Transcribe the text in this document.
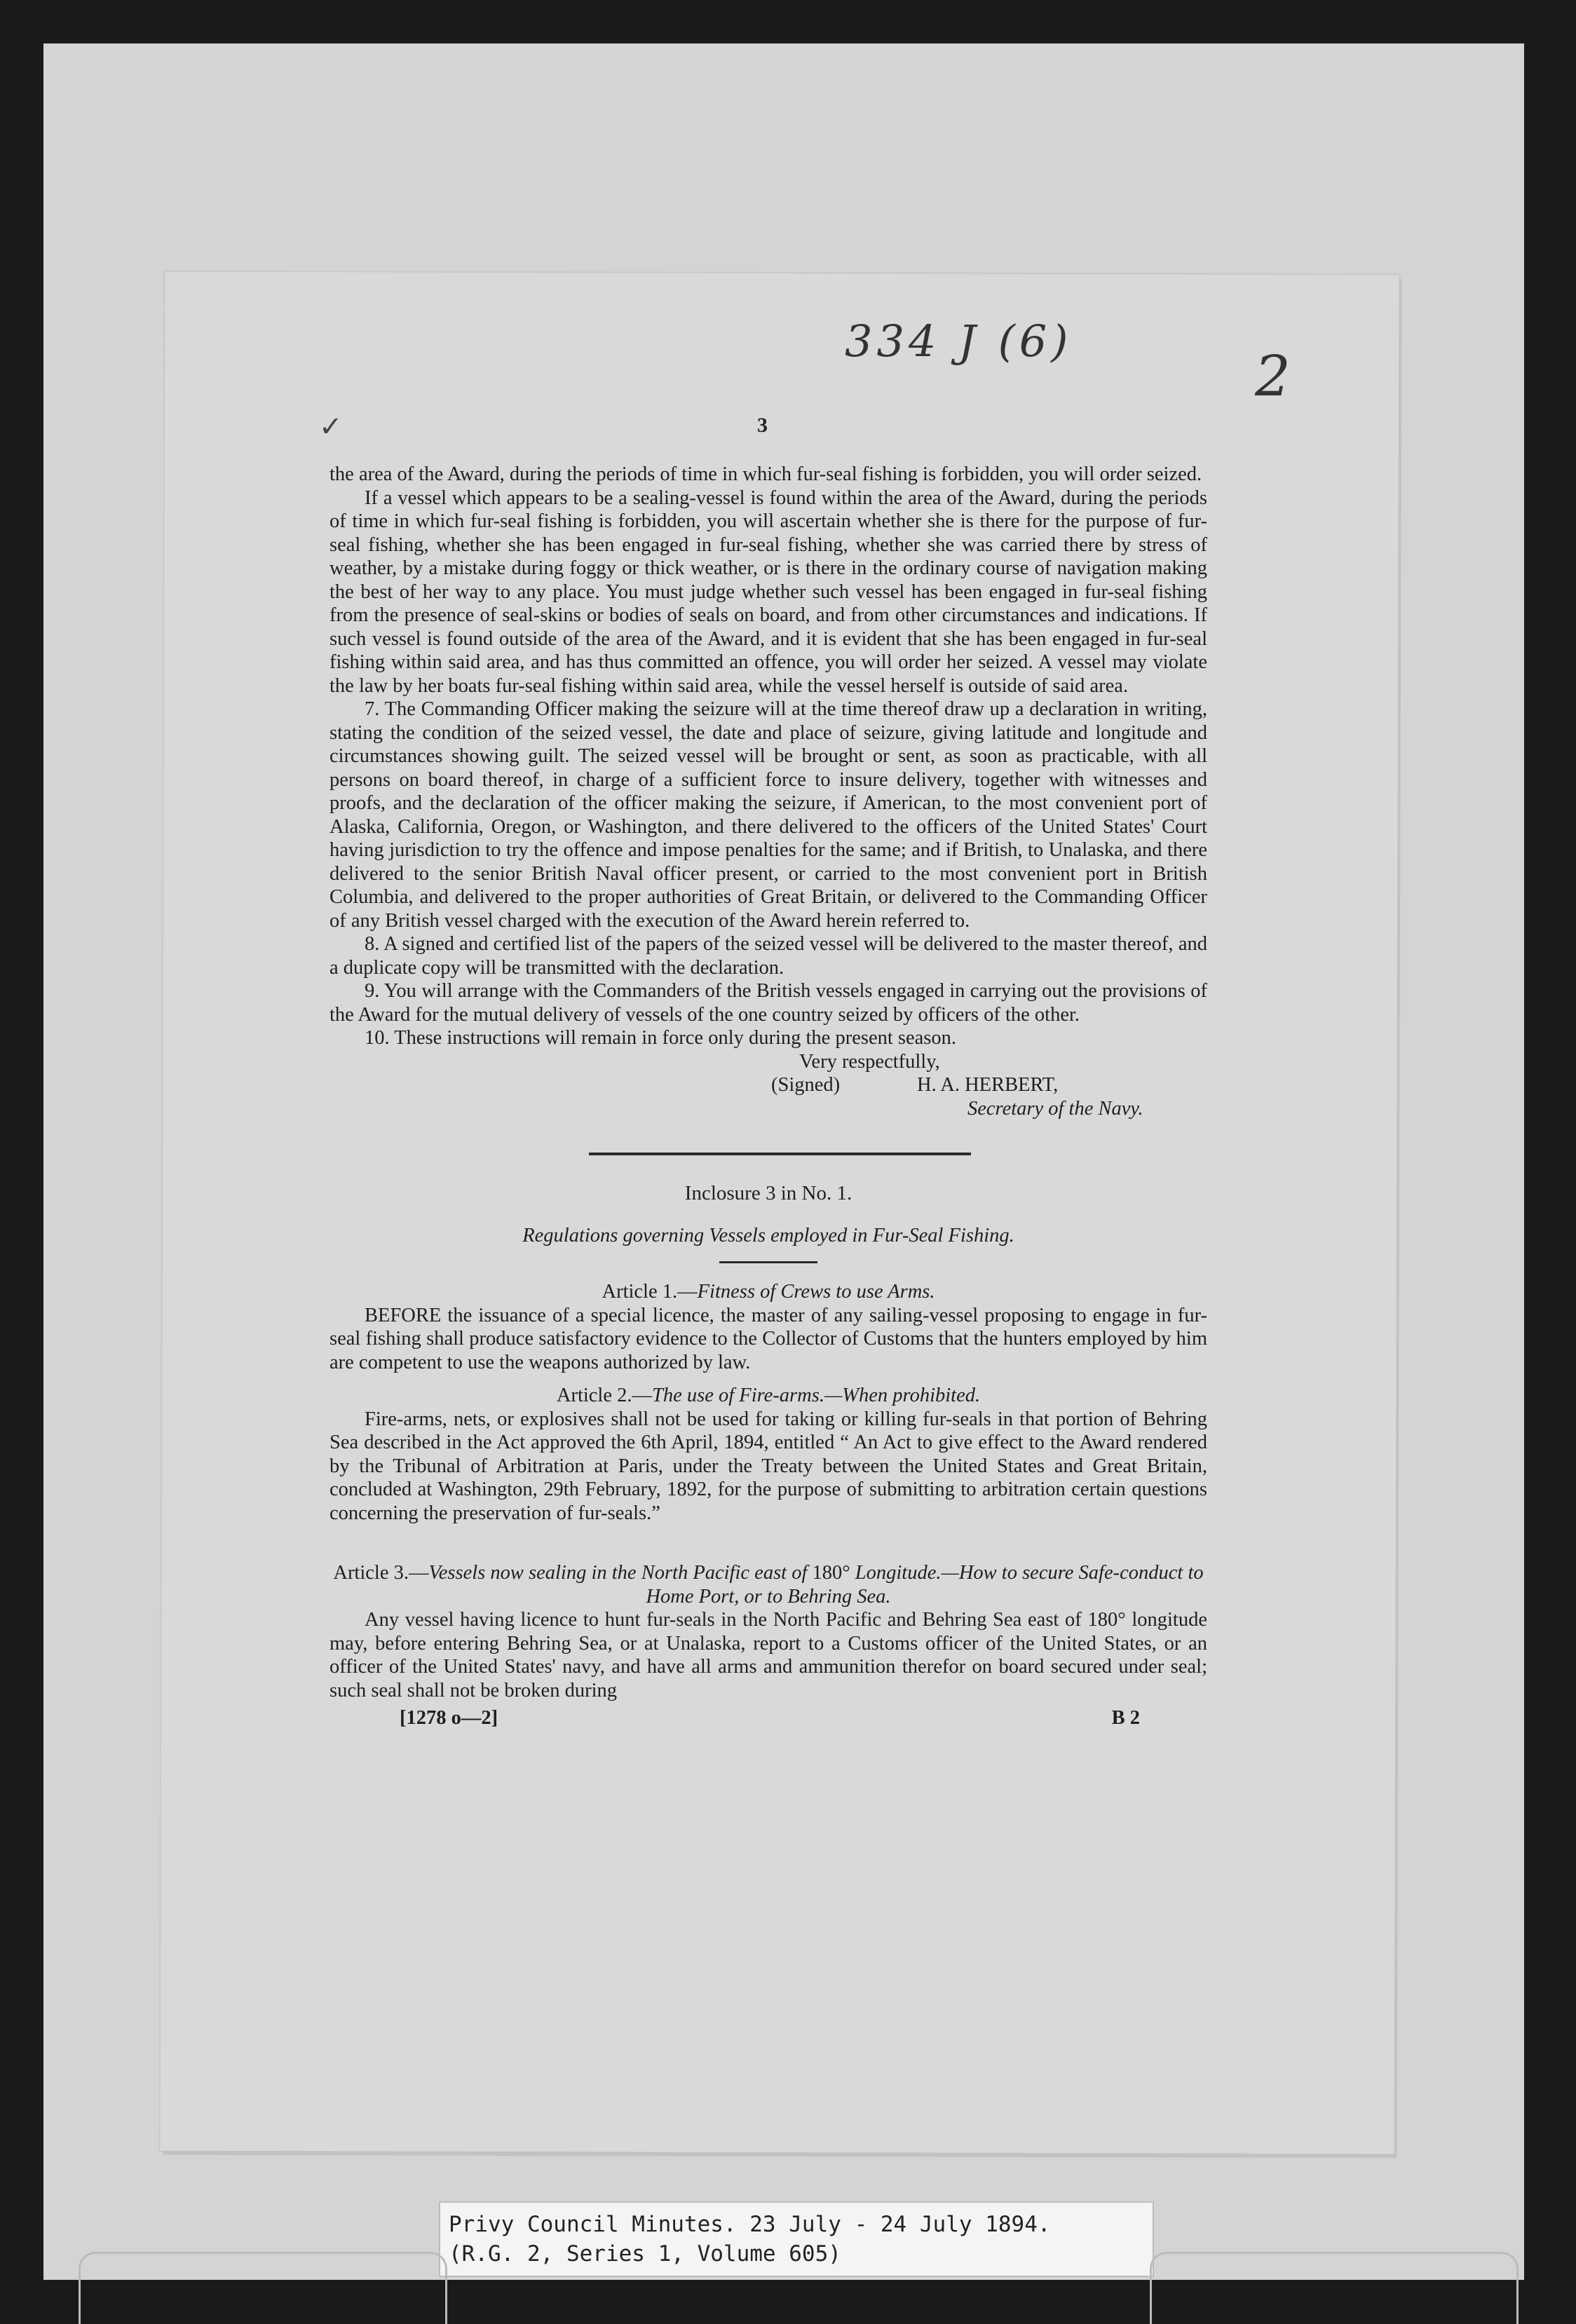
334 J (6)
2
✓	3

the area of the Award, during the periods of time in which fur-seal fishing is forbidden, you will order seized.

If a vessel which appears to be a sealing-vessel is found within the area of the Award, during the periods of time in which fur-seal fishing is forbidden, you will ascertain whether she is there for the purpose of fur-seal fishing, whether she has been engaged in fur-seal fishing, whether she was carried there by stress of weather, by a mistake during foggy or thick weather, or is there in the ordinary course of navigation making the best of her way to any place. You must judge whether such vessel has been engaged in fur-seal fishing from the presence of seal-skins or bodies of seals on board, and from other circumstances and indications. If such vessel is found outside of the area of the Award, and it is evident that she has been engaged in fur-seal fishing within said area, and has thus committed an offence, you will order her seized. A vessel may violate the law by her boats fur-seal fishing within said area, while the vessel herself is outside of said area.

7. The Commanding Officer making the seizure will at the time thereof draw up a declaration in writing, stating the condition of the seized vessel, the date and place of seizure, giving latitude and longitude and circumstances showing guilt. The seized vessel will be brought or sent, as soon as practicable, with all persons on board thereof, in charge of a sufficient force to insure delivery, together with witnesses and proofs, and the declaration of the officer making the seizure, if American, to the most convenient port of Alaska, California, Oregon, or Washington, and there delivered to the officers of the United States' Court having jurisdiction to try the offence and impose penalties for the same; and if British, to Unalaska, and there delivered to the senior British Naval officer present, or carried to the most convenient port in British Columbia, and delivered to the proper authorities of Great Britain, or delivered to the Commanding Officer of any British vessel charged with the execution of the Award herein referred to.

8. A signed and certified list of the papers of the seized vessel will be delivered to the master thereof, and a duplicate copy will be transmitted with the declaration.

9. You will arrange with the Commanders of the British vessels engaged in carrying out the provisions of the Award for the mutual delivery of vessels of the one country seized by officers of the other.

10. These instructions will remain in force only during the present season.

Very respectfully,
(Signed)	H. A. HERBERT,
Secretary of the Navy.
Inclosure 3 in No. 1.
Regulations governing Vessels employed in Fur-Seal Fishing.
Article 1.—Fitness of Crews to use Arms.

BEFORE the issuance of a special licence, the master of any sailing-vessel proposing to engage in fur-seal fishing shall produce satisfactory evidence to the Collector of Customs that the hunters employed by him are competent to use the weapons authorized by law.

Article 2.—The use of Fire-arms.—When prohibited.

Fire-arms, nets, or explosives shall not be used for taking or killing fur-seals in that portion of Behring Sea described in the Act approved the 6th April, 1894, entitled “ An Act to give effect to the Award rendered by the Tribunal of Arbitration at Paris, under the Treaty between the United States and Great Britain, concluded at Washington, 29th February, 1892, for the purpose of submitting to arbitration certain questions concerning the preservation of fur-seals.”

Article 3.—Vessels now sealing in the North Pacific east of 180° Longitude.—How to secure Safe-conduct to Home Port, or to Behring Sea.

Any vessel having licence to hunt fur-seals in the North Pacific and Behring Sea east of 180° longitude may, before entering Behring Sea, or at Unalaska, report to a Customs officer of the United States, or an officer of the United States' navy, and have all arms and ammunition therefor on board secured under seal; such seal shall not be broken during

[1278 o—2]	B 2
Privy Council Minutes. 23 July - 24 July 1894.
(R.G. 2, Series 1, Volume 605)
